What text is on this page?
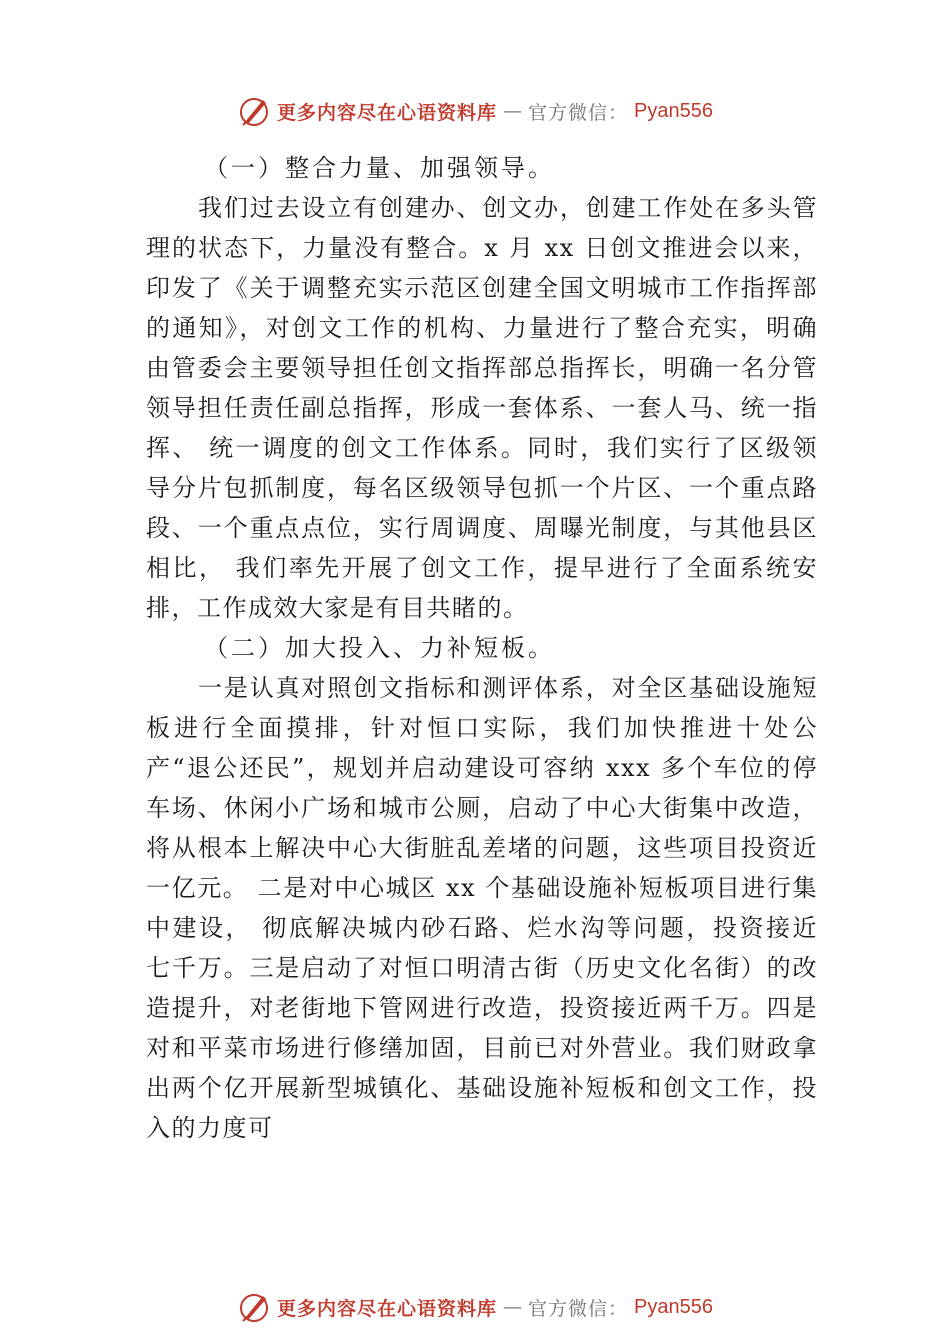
更多内容尽在心语资料库 — 官方微信： Pyan556

（一）整合力量、加强领导。

我们过去设立有创建办、创文办，创建工作处在多头管理的状态下，力量没有整合。x 月 xx 日创文推进会以来，印发了《关于调整充实示范区创建全国文明城市工作指挥部的通知》，对创文工作的机构、力量进行了整合充实，明确由管委会主要领导担任创文指挥部总指挥长，明确一名分管领导担任责任副总指挥，形成一套体系、一套人马、统一指挥、 统一调度的创文工作体系。同时，我们实行了区级领导分片包抓制度，每名区级领导包抓一个片区、一个重点路段、一个重点点位，实行周调度、周曝光制度，与其他县区相比， 我们率先开展了创文工作，提早进行了全面系统安排，工作成效大家是有目共睹的。

（二）加大投入、力补短板。

一是认真对照创文指标和测评体系，对全区基础设施短板进行全面摸排，针对恒口实际，我们加快推进十处公产“退公还民”，规划并启动建设可容纳 xxx 多个车位的停车场、休闲小广场和城市公厕，启动了中心大街集中改造，将从根本上解决中心大街脏乱差堵的问题，这些项目投资近一亿元。 二是对中心城区 xx 个基础设施补短板项目进行集中建设， 彻底解决城内砂石路、烂水沟等问题，投资接近七千万。三是启动了对恒口明清古街（历史文化名街）的改造提升，对老街地下管网进行改造，投资接近两千万。四是对和平菜市场进行修缮加固，目前已对外营业。我们财政拿出两个亿开展新型城镇化、基础设施补短板和创文工作，投入的力度可

更多内容尽在心语资料库 — 官方微信： Pyan556
